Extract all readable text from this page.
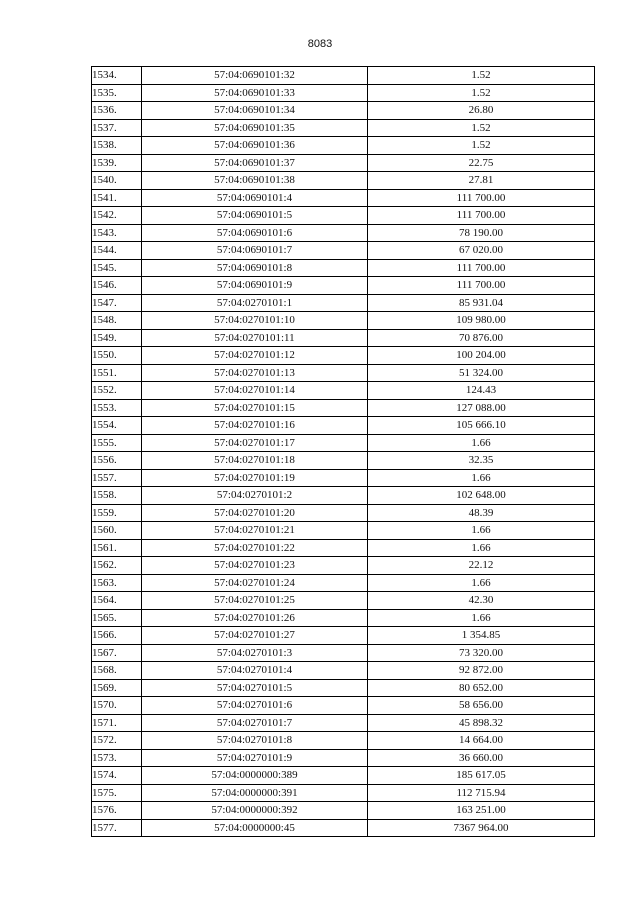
8083
1534.	57:04:0690101:32	1.52
1535.	57:04:0690101:33	1.52
1536.	57:04:0690101:34	26.80
1537.	57:04:0690101:35	1.52
1538.	57:04:0690101:36	1.52
1539.	57:04:0690101:37	22.75
1540.	57:04:0690101:38	27.81
1541.	57:04:0690101:4	111 700.00
1542.	57:04:0690101:5	111 700.00
1543.	57:04:0690101:6	78 190.00
1544.	57:04:0690101:7	67 020.00
1545.	57:04:0690101:8	111 700.00
1546.	57:04:0690101:9	111 700.00
1547.	57:04:0270101:1	85 931.04
1548.	57:04:0270101:10	109 980.00
1549.	57:04:0270101:11	70 876.00
1550.	57:04:0270101:12	100 204.00
1551.	57:04:0270101:13	51 324.00
1552.	57:04:0270101:14	124.43
1553.	57:04:0270101:15	127 088.00
1554.	57:04:0270101:16	105 666.10
1555.	57:04:0270101:17	1.66
1556.	57:04:0270101:18	32.35
1557.	57:04:0270101:19	1.66
1558.	57:04:0270101:2	102 648.00
1559.	57:04:0270101:20	48.39
1560.	57:04:0270101:21	1.66
1561.	57:04:0270101:22	1.66
1562.	57:04:0270101:23	22.12
1563.	57:04:0270101:24	1.66
1564.	57:04:0270101:25	42.30
1565.	57:04:0270101:26	1.66
1566.	57:04:0270101:27	1 354.85
1567.	57:04:0270101:3	73 320.00
1568.	57:04:0270101:4	92 872.00
1569.	57:04:0270101:5	80 652.00
1570.	57:04:0270101:6	58 656.00
1571.	57:04:0270101:7	45 898.32
1572.	57:04:0270101:8	14 664.00
1573.	57:04:0270101:9	36 660.00
1574.	57:04:0000000:389	185 617.05
1575.	57:04:0000000:391	112 715.94
1576.	57:04:0000000:392	163 251.00
1577.	57:04:0000000:45	7367 964.00
